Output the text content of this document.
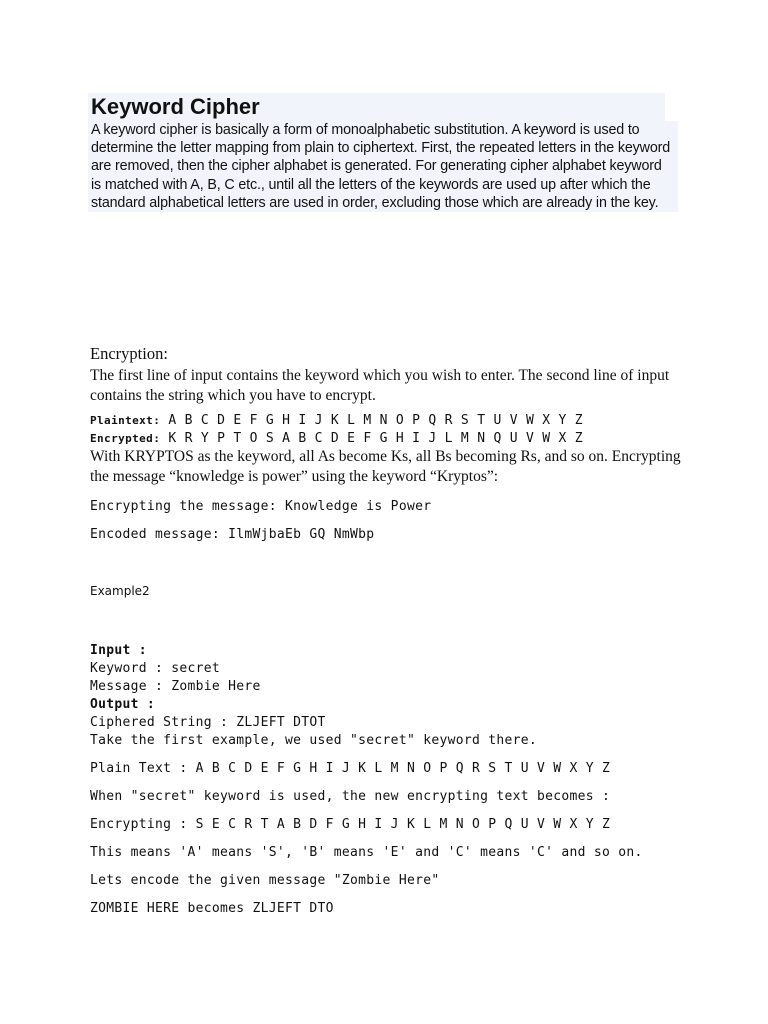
Keyword Cipher
A keyword cipher is basically a form of monoalphabetic substitution. A keyword is used to determine the letter mapping from plain to ciphertext. First, the repeated letters in the keyword are removed, then the cipher alphabet is generated. For generating cipher alphabet keyword is matched with A, B, C etc., until all the letters of the keywords are used up after which the standard alphabetical letters are used in order, excluding those which are already in the key.
Encryption:
The first line of input contains the keyword which you wish to enter. The second line of input contains the string which you have to encrypt.
Plaintext: A B C D E F G H I J K L M N O P Q R S T U V W X Y Z
Encrypted: K R Y P T O S A B C D E F G H I J L M N Q U V W X Z
With KRYPTOS as the keyword, all As become Ks, all Bs becoming Rs, and so on. Encrypting the message “knowledge is power” using the keyword “Kryptos”:
Encrypting the message: Knowledge is Power
Encoded message: IlmWjbaEb GQ NmWbp
Example2
Input :
Keyword : secret
Message : Zombie Here
Output :
Ciphered String : ZLJEFT DTOT
Take the first example, we used "secret" keyword there.
Plain Text : A B C D E F G H I J K L M N O P Q R S T U V W X Y Z
When "secret" keyword is used, the new encrypting text becomes :
Encrypting : S E C R T A B D F G H I J K L M N O P Q U V W X Y Z
This means 'A' means 'S', 'B' means 'E' and 'C' means 'C' and so on.
Lets encode the given message "Zombie Here"
ZOMBIE HERE becomes ZLJEFT DTO
